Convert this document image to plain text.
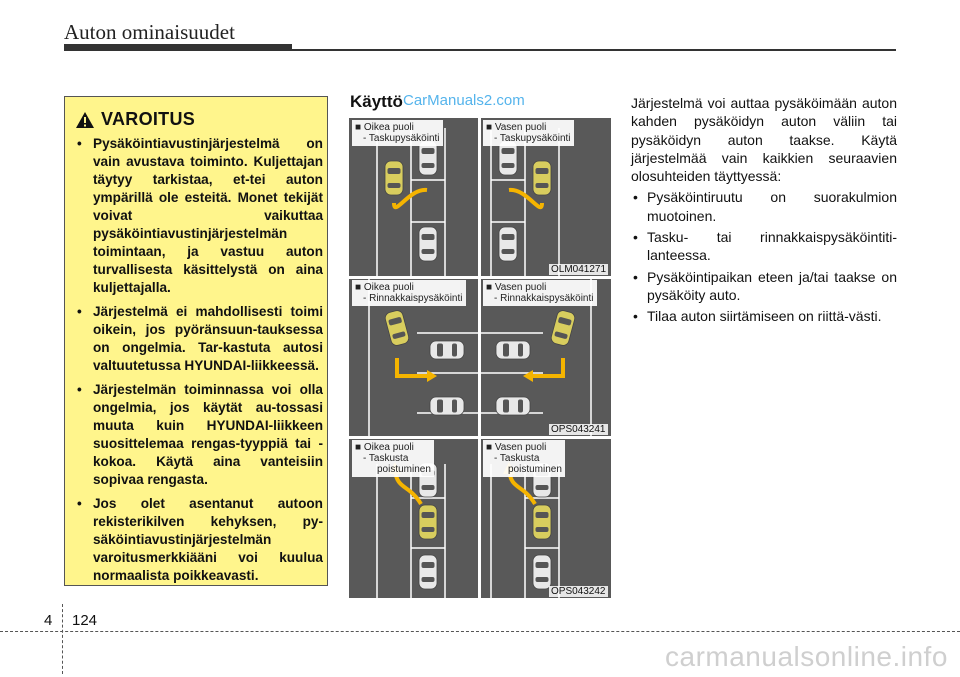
Auton ominaisuudet
VAROITUS
• Pysäköintiavustinjärjestelmä on vain avustava toiminto. Kuljettajan täytyy tarkistaa, et-tei auton ympärillä ole esteitä. Monet tekijät voivat vaikuttaa pysäköintiavustinjärjestelmän toimintaan, ja vastuu auton turvallisesta käsittelystä on aina kuljettajalla.
• Järjestelmä ei mahdollisesti toimi oikein, jos pyöränsuun-tauksessa on ongelmia. Tar-kastuta autosi valtuutetussa HYUNDAI-liikkeessä.
• Järjestelmän toiminnassa voi olla ongelmia, jos käytät au-tossasi muuta kuin HYUNDAI-liikkeen suosittelemaa rengas-tyyppiä tai -kokoa. Käytä aina vanteisiin sopivaa rengasta.
• Jos olet asentanut autoon rekisterikilven kehyksen, py-säköintiavustinjärjestelmän varoitusmerkkiääni voi kuulua normaalista poikkeavasti.
Käyttö CarManuals2.com
■ Oikea puoli
- Taskupysäköinti
■ Vasen puoli
- Taskupysäköinti
OLM041271
■ Oikea puoli
- Rinnakkaispysäköinti
■ Vasen puoli
- Rinnakkaispysäköinti
OPS043241
■ Oikea puoli
- Taskusta
poistuminen
■ Vasen puoli
- Taskusta
poistuminen
OPS043242

Järjestelmä voi auttaa pysäköimään auton kahden pysäköidyn auton väliin tai pysäköidyn auton taakse. Käytä järjestelmää vain kaikkien seuraavien olosuhteiden täyttyessä:

• Pysäköintiruutu on suorakulmion muotoinen.
• Tasku- tai rinnakkaispysäköintiti-lanteessa.
• Pysäköintipaikan eteen ja/tai taakse on pysäköity auto.
• Tilaa auton siirtämiseen on riittä-västi.
4 124
carmanualsonline.info
